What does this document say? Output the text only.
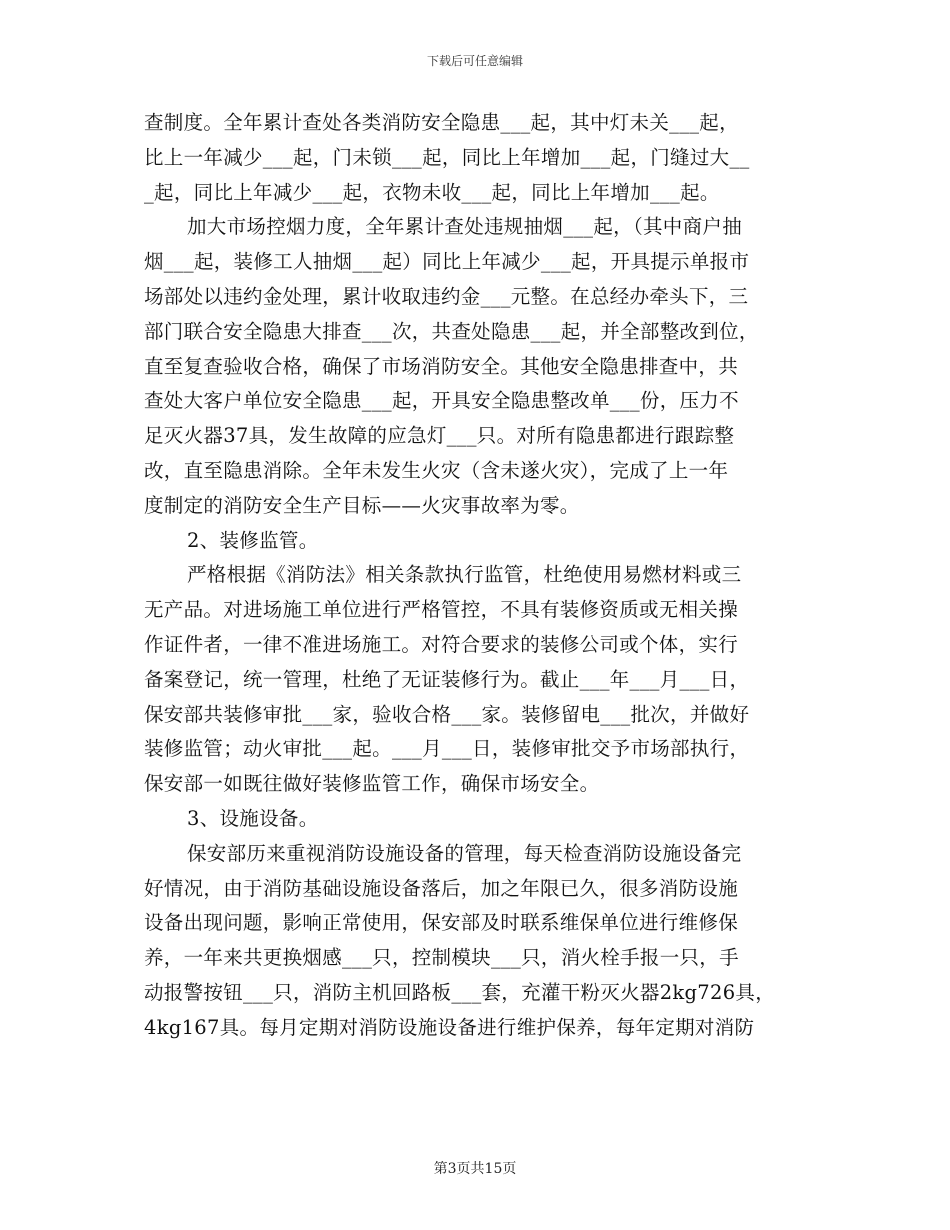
下载后可任意编辑
查制度。全年累计查处各类消防安全隐患___起，其中灯未关___起，
比上一年减少___起，门未锁___起，同比上年增加___起，门缝过大__
_起，同比上年减少___起，衣物未收___起，同比上年增加___起。
加大市场控烟力度，全年累计查处违规抽烟___起，（其中商户抽
烟___起，装修工人抽烟___起）同比上年减少___起，开具提示单报市
场部处以违约金处理，累计收取违约金___元整。在总经办牵头下，三
部门联合安全隐患大排查___次，共查处隐患___起，并全部整改到位，
直至复查验收合格，确保了市场消防安全。其他安全隐患排查中，共
查处大客户单位安全隐患___起，开具安全隐患整改单___份，压力不
足灭火器37具，发生故障的应急灯___只。对所有隐患都进行跟踪整
改，直至隐患消除。全年未发生火灾（含未遂火灾），完成了上一年
度制定的消防安全生产目标——火灾事故率为零。
2、装修监管。
严格根据《消防法》相关条款执行监管，杜绝使用易燃材料或三
无产品。对进场施工单位进行严格管控，不具有装修资质或无相关操
作证件者，一律不准进场施工。对符合要求的装修公司或个体，实行
备案登记，统一管理，杜绝了无证装修行为。截止___年___月___日，
保安部共装修审批___家，验收合格___家。装修留电___批次，并做好
装修监管；动火审批___起。___月___日，装修审批交予市场部执行，
保安部一如既往做好装修监管工作，确保市场安全。
3、设施设备。
保安部历来重视消防设施设备的管理，每天检查消防设施设备完
好情况，由于消防基础设施设备落后，加之年限已久，很多消防设施
设备出现问题，影响正常使用，保安部及时联系维保单位进行维修保
养，一年来共更换烟感___只，控制模块___只，消火栓手报一只，手
动报警按钮___只，消防主机回路板___套，充灌干粉灭火器2kg726具，
4kg167具。每月定期对消防设施设备进行维护保养，每年定期对消防
第3页共15页
